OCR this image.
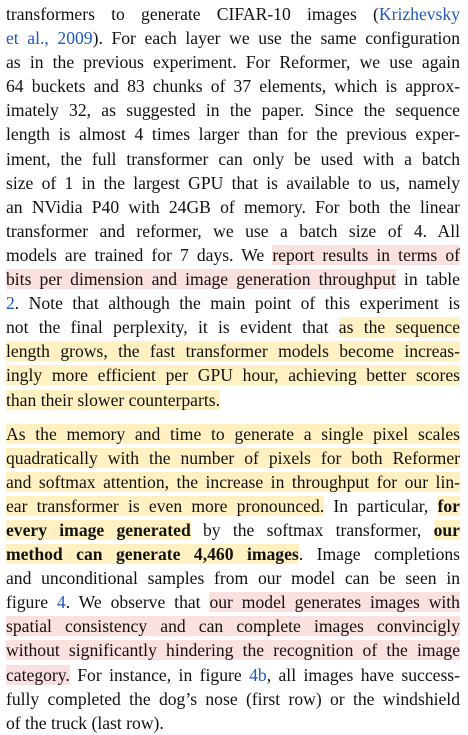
transformers to generate CIFAR-10 images (Krizhevsky
et al., 2009). For each layer we use the same configuration
as in the previous experiment. For Reformer, we use again
64 buckets and 83 chunks of 37 elements, which is approx-
imately 32, as suggested in the paper. Since the sequence
length is almost 4 times larger than for the previous exper-
iment, the full transformer can only be used with a batch
size of 1 in the largest GPU that is available to us, namely
an NVidia P40 with 24GB of memory. For both the linear
transformer and reformer, we use a batch size of 4. All
models are trained for 7 days. We report results in terms of
bits per dimension and image generation throughput in table
2. Note that although the main point of this experiment is
not the final perplexity, it is evident that as the sequence
length grows, the fast transformer models become increas-
ingly more efficient per GPU hour, achieving better scores
than their slower counterparts.
As the memory and time to generate a single pixel scales
quadratically with the number of pixels for both Reformer
and softmax attention, the increase in throughput for our lin-
ear transformer is even more pronounced. In particular, for
every image generated by the softmax transformer, our
method can generate 4,460 images. Image completions
and unconditional samples from our model can be seen in
figure 4. We observe that our model generates images with
spatial consistency and can complete images convincigly
without significantly hindering the recognition of the image
category. For instance, in figure 4b, all images have success-
fully completed the dog’s nose (first row) or the windshield
of the truck (last row).
